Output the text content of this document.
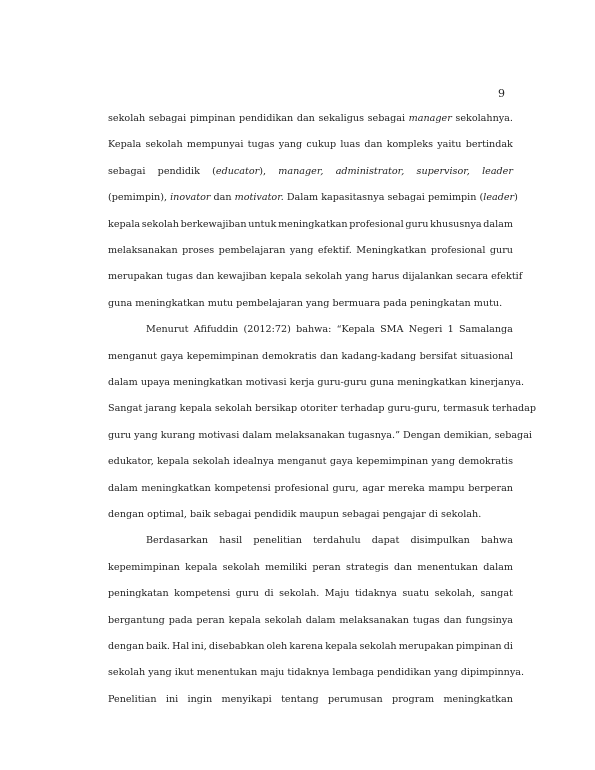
9
sekolah sebagai pimpinan pendidikan dan sekaligus sebagai manager sekolahnya.
Kepala sekolah mempunyai tugas yang cukup luas dan kompleks yaitu bertindak
sebagai pendidik (educator), manager, administrator, supervisor, leader
(pemimpin), inovator dan motivator. Dalam kapasitasnya sebagai pemimpin (leader)
kepala sekolah berkewajiban untuk meningkatkan profesional guru khususnya dalam
melaksanakan proses pembelajaran yang efektif. Meningkatkan profesional guru
merupakan tugas dan kewajiban kepala sekolah yang harus dijalankan secara efektif
guna meningkatkan mutu pembelajaran yang bermuara pada peningkatan mutu.
Menurut Afifuddin (2012:72) bahwa: “Kepala SMA Negeri 1 Samalanga
menganut gaya kepemimpinan demokratis dan kadang-kadang bersifat situasional
dalam upaya meningkatkan motivasi kerja guru-guru guna meningkatkan kinerjanya.
Sangat jarang kepala sekolah bersikap otoriter terhadap guru-guru, termasuk terhadap
guru yang kurang motivasi dalam melaksanakan tugasnya.” Dengan demikian, sebagai
edukator, kepala sekolah idealnya menganut gaya kepemimpinan yang demokratis
dalam meningkatkan kompetensi profesional guru, agar mereka mampu berperan
dengan optimal, baik sebagai pendidik maupun sebagai pengajar di sekolah.
Berdasarkan hasil penelitian terdahulu dapat disimpulkan bahwa
kepemimpinan kepala sekolah memiliki peran strategis dan menentukan dalam
peningkatan kompetensi guru di sekolah. Maju tidaknya suatu sekolah, sangat
bergantung pada peran kepala sekolah dalam melaksanakan tugas dan fungsinya
dengan baik. Hal ini, disebabkan oleh karena kepala sekolah merupakan pimpinan di
sekolah yang ikut menentukan maju tidaknya lembaga pendidikan yang dipimpinnya.
Penelitian ini ingin menyikapi tentang perumusan program meningkatkan
